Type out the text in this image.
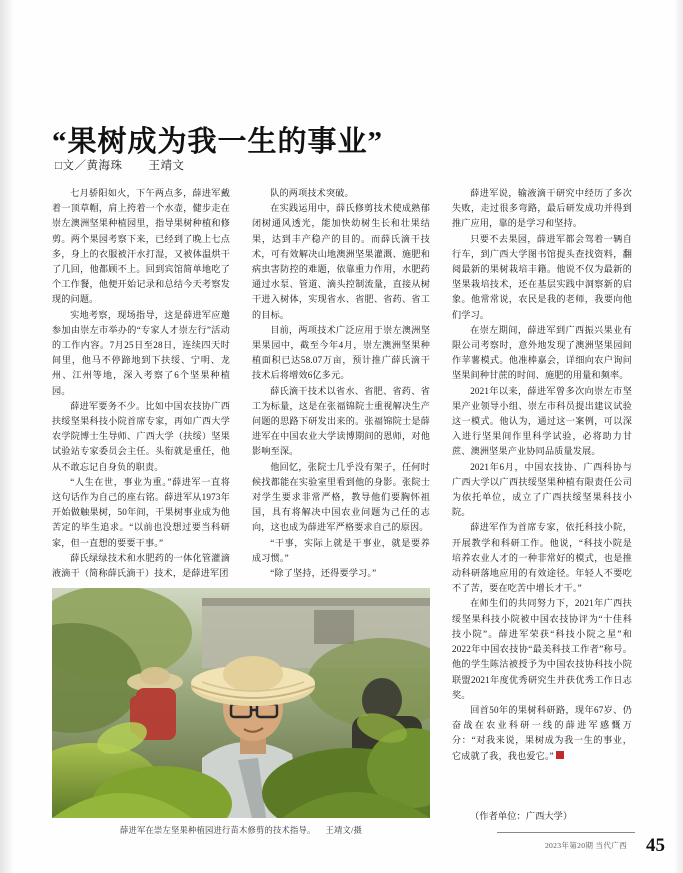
“果树成为我一生的事业”
□文／黄海珠 王靖文

七月骄阳如火，下午两点多，薛进军戴着一顶草帽，肩上挎着一个水壶，健步走在崇左澳洲坚果种植园里，指导果树种植和修剪。两个果园考察下来，已经到了晚上七点多，身上的衣服被汗水打湿，又被体温烘干了几回，他都顾不上。回到宾馆简单地吃了个工作餐，他便开始记录和总结今天考察发现的问题。

实地考察，现场指导，这是薛进军应邀参加由崇左市举办的“专家人才崇左行”活动的工作内容。7月25日至28日，连续四天时间里，他马不停蹄地到下扶绥、宁明、龙州、江州等地，深入考察了6个坚果种植园。

薛进军要务不少。比如中国农技协广西扶绥坚果科技小院首席专家，再如广西大学农学院博士生导师、广西大学（扶绥）坚果试验站专家委员会主任。头衔就是重任，他从不敢忘记自身负的职责。

“人生在世，事业为重。”薛进军一直将这句话作为自己的座右铭。薛进军从1973年开始做触果树，50年间，干果树事业成为他苦定的毕生追求。“以前也没想过要当科研家，但一直想的要要干事。”

薛氏绿绿技术和水肥药的一体化管灌滴液滴干（简称薛氏滴干）技术，是薛进军团

队的两项技术突破。

在实践运用中，薛氏修剪技术使成熟郁闭树通风透光，能加快幼树生长和壮果结果，达到丰产稳产的目的。而薛氏滴干技术，可有效解决山地澳洲坚果灌溉、施肥和病虫害防控的难题，依靠重力作用，水肥药通过水泵、管道、滴头控制流量，直接从树干进入树体，实现省水、省肥、省药、省工的目标。

目前，两项技术广泛应用于崇左澳洲坚果果园中，截至今年4月，崇左澳洲坚果种植面积已达58.07万亩，预计推广薛氏滴干技术后将增效6亿多元。

薛氏滴干技术以省水、省肥、省药、省工为标量，这是在张福锦院士重视解决生产问题的思路下研发出来的。张福锦院士是薛进军在中国农业大学读博期间的恩师，对他影响至深。

他回忆，张院士几乎没有架子，任何时候找都能在实验室里看到他的身影。张院士对学生要求非常严格，教导他们要胸怀祖国，具有将解决中国农业问题为己任的志向，这也成为薛进军严格要求自己的原因。

“干事，实际上就是干事业，就是要养成习惯。”

“除了坚持，还得要学习。”

薛进军说，输液滴干研究中经历了多次失败，走过很多弯路，最后研发成功并得到推广应用，靠的是学习和坚持。

只要不去果园，薛进军都会驾着一辆自行车，到广西大学图书馆提头查找资料，翻阅最新的果树栽培丰籍。他说不仅为最新的坚果栽培技术，还在基层实践中洞察新的启象。他常常说，农民是我的老师，我要向他们学习。

在崇左期间，薛进军到广西振兴果业有限公司考察时，意外地发现了澳洲坚果园间作苹薯模式。他准棒嘉会，详细向农户询问坚果间种甘蔗的时间、施肥的用量和频率。

2021年以来，薛进军曾多次向崇左市坚果产业领导小组、崇左市科员提出建议试验这一模式。他认为，通过这一案例，可以深入进行坚果间作里科学试验，必将助力甘蔗、澳洲坚果产业协同品质量发展。

2021年6月，中国农技协、广西科协与广西大学以广西扶绥坚果种植有限责任公司为依托单位，成立了广西扶绥坚果科技小院。

薛进军作为首席专家，依托科技小院，开展教学和科研工作。他说，“科技小院是培养农业人才的一种非常好的模式，也是推动科研落地应用的有效途径。年轻人不要吃不了苦，要在吃苦中增长才干。”

在师生们的共同努力下，2021年广西扶绥坚果科技小院被中国农技协评为“十佳科技小院”。薛进军荣获“科技小院之星”和2022年中国农技协“最美科技工作者”称号。他的学生陈沽被授予为中国农技协科技小院联盟2021年度优秀研究生并获优秀工作日志奖。

回首50年的果树科研路，现年67岁、仍奋战在农业科研一线的薛进军感慨万分：“对我来说，果树成为我一生的事业，它成就了我，我也爱它。”

薛进军在崇左坚果种植园进行苗木修剪的技术指导。 王靖文/摄
（作者单位：广西大学）
2023年第20期 当代广西 45
